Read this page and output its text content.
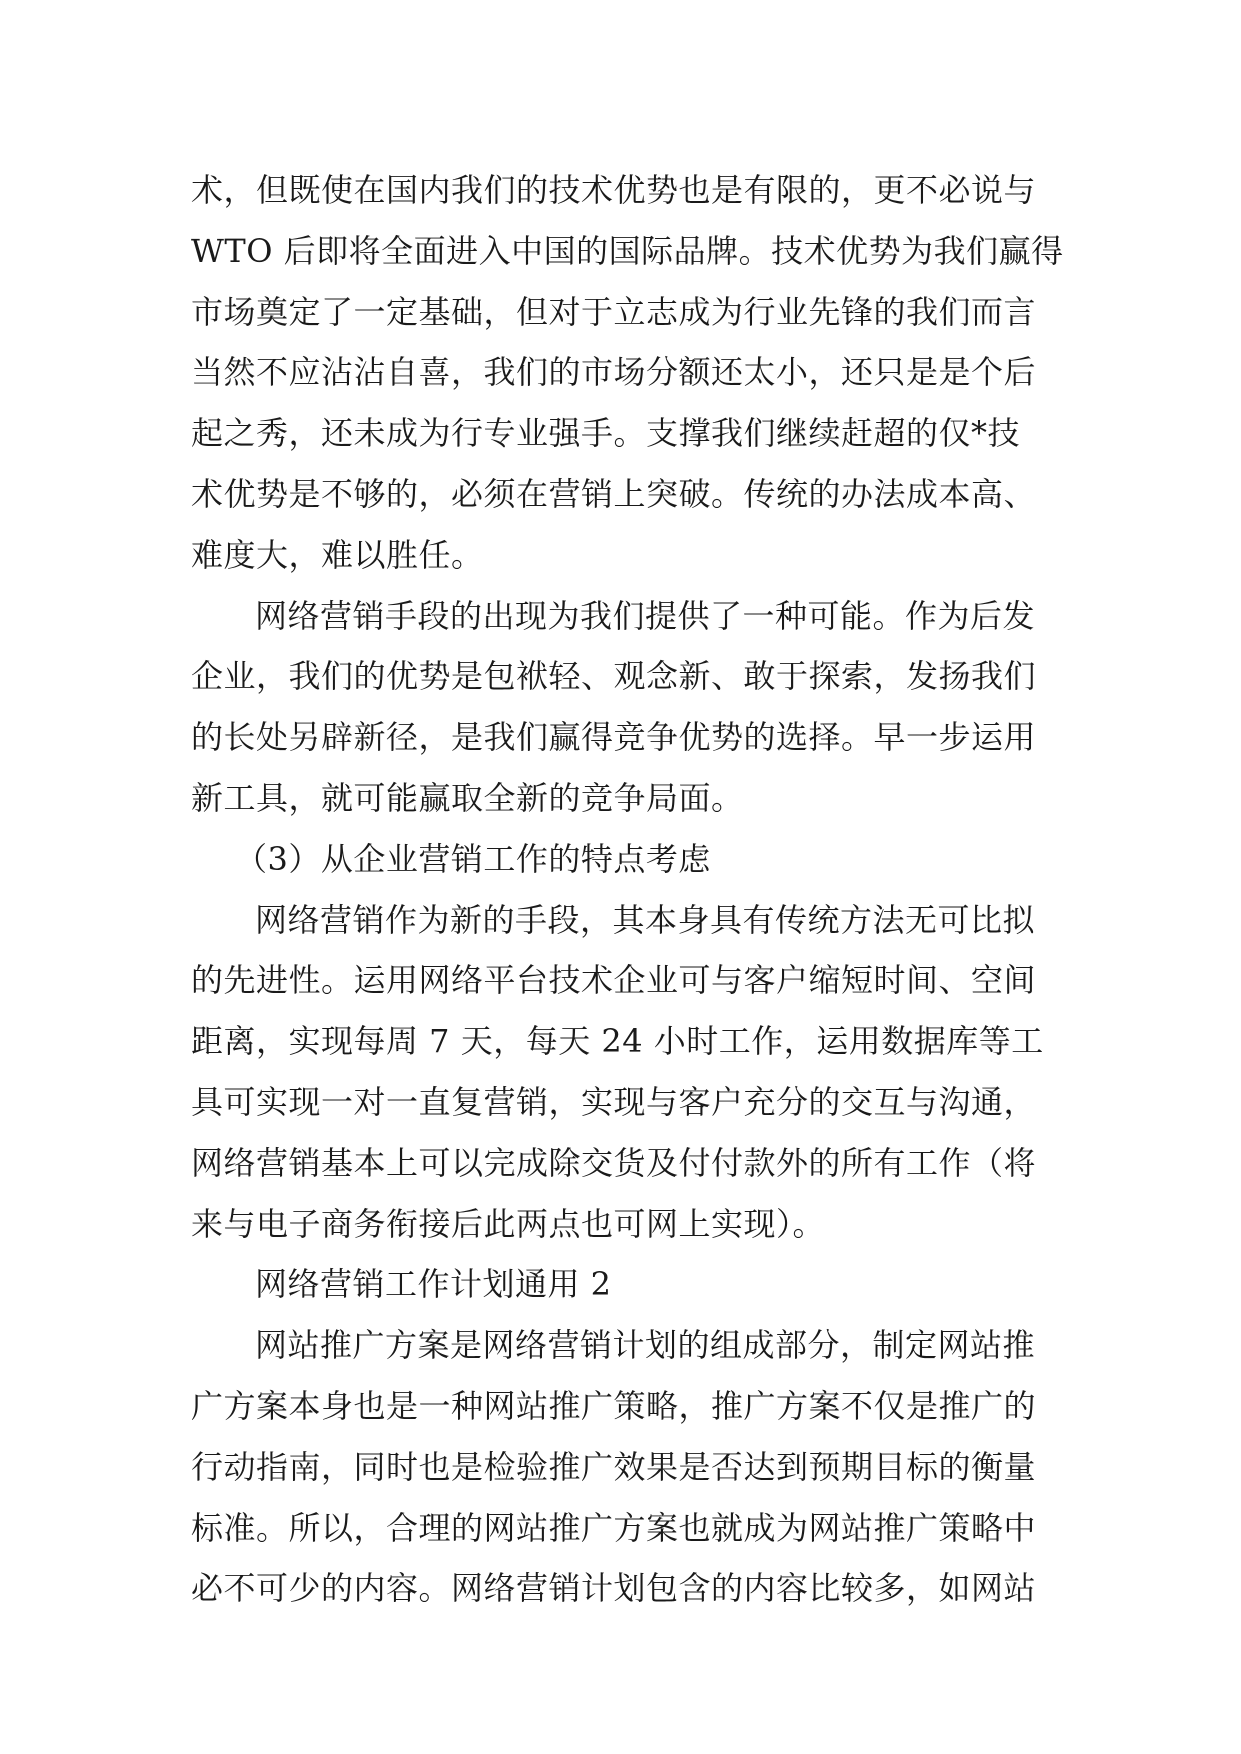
术，但既使在国内我们的技术优势也是有限的，更不必说与
WTO 后即将全面进入中国的国际品牌。技术优势为我们赢得
市场奠定了一定基础，但对于立志成为行业先锋的我们而言
当然不应沾沾自喜，我们的市场分额还太小，还只是是个后
起之秀，还未成为行专业强手。支撑我们继续赶超的仅*技
术优势是不够的，必须在营销上突破。传统的办法成本高、
难度大，难以胜任。
网络营销手段的出现为我们提供了一种可能。作为后发
企业，我们的优势是包袱轻、观念新、敢于探索，发扬我们
的长处另辟新径，是我们赢得竞争优势的选择。早一步运用
新工具，就可能赢取全新的竞争局面。
（3）从企业营销工作的特点考虑
网络营销作为新的手段，其本身具有传统方法无可比拟
的先进性。运用网络平台技术企业可与客户缩短时间、空间
距离，实现每周 7 天，每天 24 小时工作，运用数据库等工
具可实现一对一直复营销，实现与客户充分的交互与沟通，
网络营销基本上可以完成除交货及付付款外的所有工作（将
来与电子商务衔接后此两点也可网上实现）。
网络营销工作计划通用 2
网站推广方案是网络营销计划的组成部分，制定网站推
广方案本身也是一种网站推广策略，推广方案不仅是推广的
行动指南，同时也是检验推广效果是否达到预期目标的衡量
标准。所以，合理的网站推广方案也就成为网站推广策略中
必不可少的内容。网络营销计划包含的内容比较多，如网站
